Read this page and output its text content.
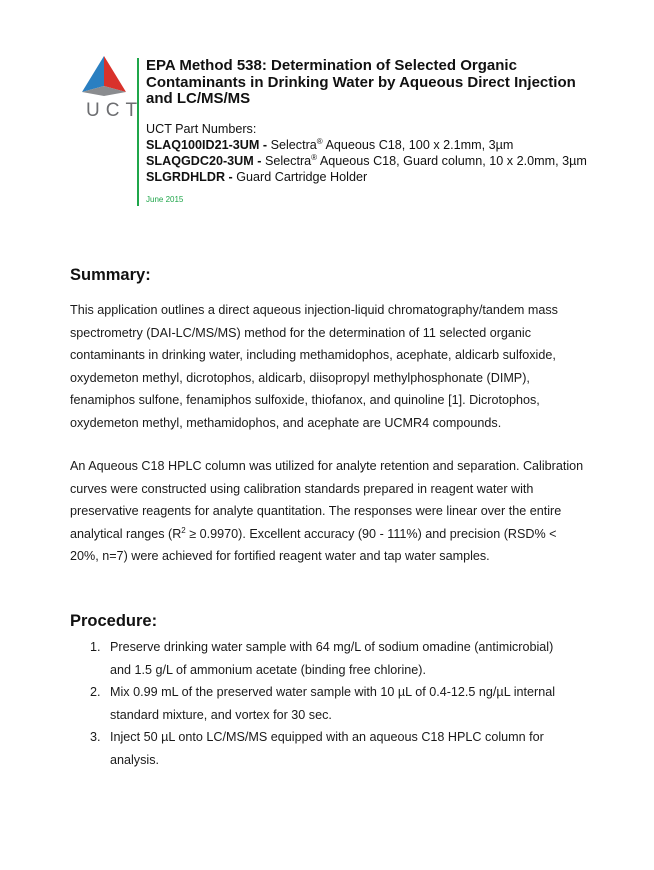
UCT
EPA Method 538: Determination of Selected Organic Contaminants in Drinking Water by Aqueous Direct Injection and LC/MS/MS

UCT Part Numbers:

SLAQ100ID21-3UM - Selectra® Aqueous C18, 100 x 2.1mm, 3µm

SLAQGDC20-3UM - Selectra® Aqueous C18, Guard column, 10 x 2.0mm, 3µm

SLGRDHLDR - Guard Cartridge Holder

June 2015
Summary:

This application outlines a direct aqueous injection-liquid chromatography/tandem mass spectrometry (DAI-LC/MS/MS) method for the determination of 11 selected organic contaminants in drinking water, including methamidophos, acephate, aldicarb sulfoxide, oxydemeton methyl, dicrotophos, aldicarb, diisopropyl methylphosphonate (DIMP), fenamiphos sulfone, fenamiphos sulfoxide, thiofanox, and quinoline [1]. Dicrotophos, oxydemeton methyl, methamidophos, and acephate are UCMR4 compounds.

An Aqueous C18 HPLC column was utilized for analyte retention and separation. Calibration curves were constructed using calibration standards prepared in reagent water with preservative reagents for analyte quantitation. The responses were linear over the entire analytical ranges $(R^2 \ge 0.9970)$. Excellent accuracy (90 - 111%) and precision (RSD% < 20%, n=7) were achieved for fortified reagent water and tap water samples.

Procedure:
1. Preserve drinking water sample with 64 mg/L of sodium omadine (antimicrobial) and 1.5 g/L of ammonium acetate (binding free chlorine).
2. Mix 0.99 mL of the preserved water sample with 10 µL of 0.4-12.5 ng/µL internal standard mixture, and vortex for 30 sec.
3. Inject 50 µL onto LC/MS/MS equipped with an aqueous C18 HPLC column for analysis.
